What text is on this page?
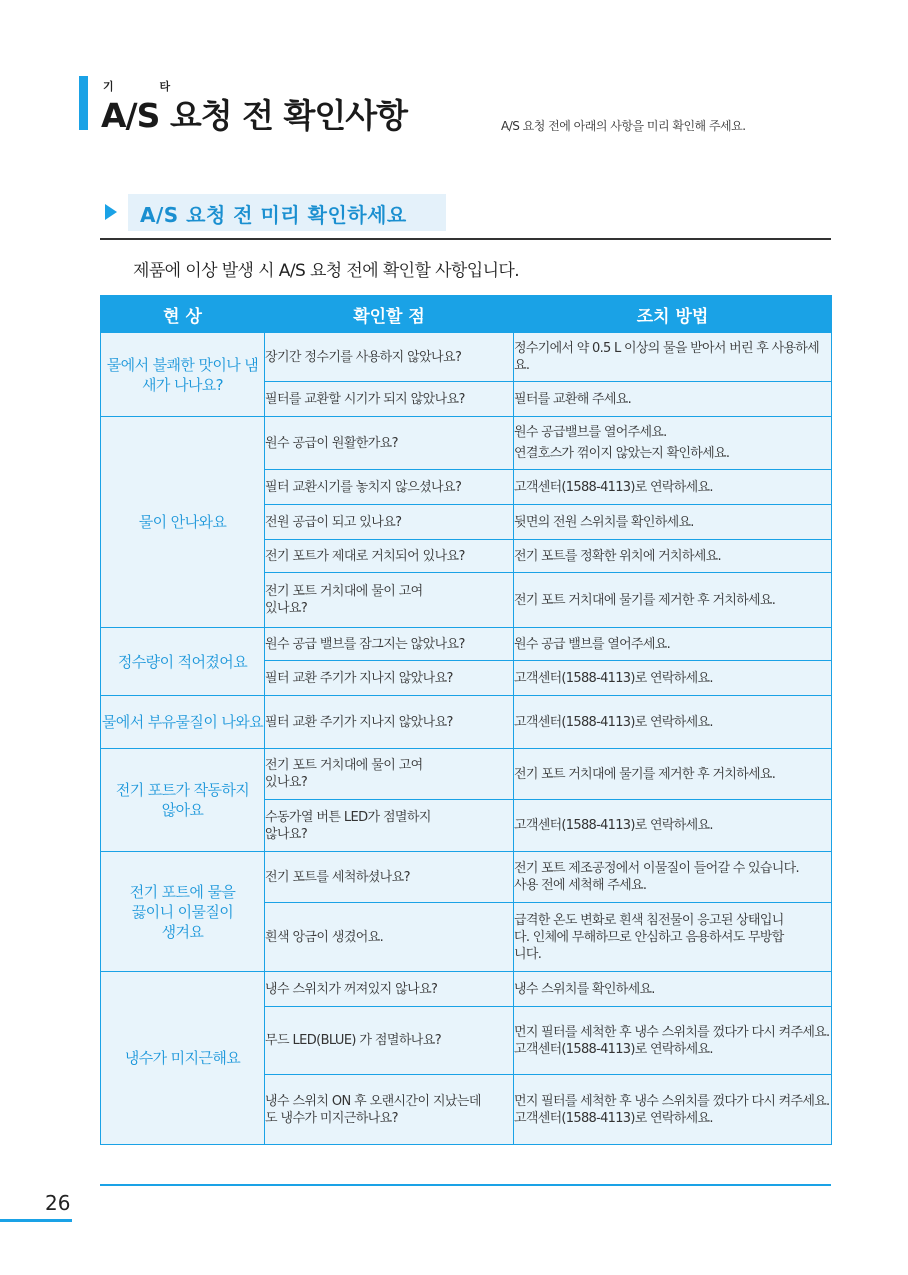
기 타
A/S 요청 전 확인사항	A/S 요청 전에 아래의 사항을 미리 확인해 주세요.
A/S 요청 전 미리 확인하세요
제품에 이상 발생 시 A/S 요청 전에 확인할 사항입니다.
현 상	확인할 점	조치 방법
물에서 불쾌한 맛이나 냄새가 나나요?	장기간 정수기를 사용하지 않았나요?	정수기에서 약 0.5 L 이상의 물을 받아서 버린 후 사용하세요.
	필터를 교환할 시기가 되지 않았나요?	필터를 교환해 주세요.
물이 안나와요	원수 공급이 원활한가요?	원수 공급밸브를 열어주세요.
연결호스가 꺾이지 않았는지 확인하세요.

	필터 교환시기를 놓치지 않으셨나요?	고객센터(1588-4113)로 연락하세요.
	전원 공급이 되고 있나요?	뒷면의 전원 스위치를 확인하세요.
	전기 포트가 제대로 거치되어 있나요?	전기 포트를 정확한 위치에 거치하세요.
	전기 포트 거치대에 물이 고여 있나요?	전기 포트 거치대에 물기를 제거한 후 거치하세요.
정수량이 적어졌어요	원수 공급 밸브를 잠그지는 않았나요?	원수 공급 밸브를 열어주세요.
	필터 교환 주기가 지나지 않았나요?	고객센터(1588-4113)로 연락하세요.
물에서 부유물질이 나와요	필터 교환 주기가 지나지 않았나요?	고객센터(1588-4113)로 연락하세요.
전기 포트가 작동하지 않아요	전기 포트 거치대에 물이 고여 있나요?	전기 포트 거치대에 물기를 제거한 후 거치하세요.
	수동가열 버튼 LED가 점멸하지 않나요?	고객센터(1588-4113)로 연락하세요.
전기 포트에 물을 끓이니 이물질이 생겨요	전기 포트를 세척하셨나요?	전기 포트 제조공정에서 이물질이 들어갈 수 있습니다. 사용 전에 세척해 주세요.
	흰색 앙금이 생겼어요.	급격한 온도 변화로 흰색 침전물이 응고된 상태입니다. 인체에 무해하므로 안심하고 음용하셔도 무방합니다.
냉수가 미지근해요	냉수 스위치가 꺼져있지 않나요?	냉수 스위치를 확인하세요.
	무드 LED(BLUE) 가 점멸하나요?	먼지 필터를 세척한 후 냉수 스위치를 껐다가 다시 켜주세요.
고객센터(1588-4113)로 연락하세요.

	냉수 스위치 ON 후 오랜시간이 지났는데도 냉수가 미지근하나요?	먼지 필터를 세척한 후 냉수 스위치를 껐다가 다시 켜주세요.
고객센터(1588-4113)로 연락하세요.
26
